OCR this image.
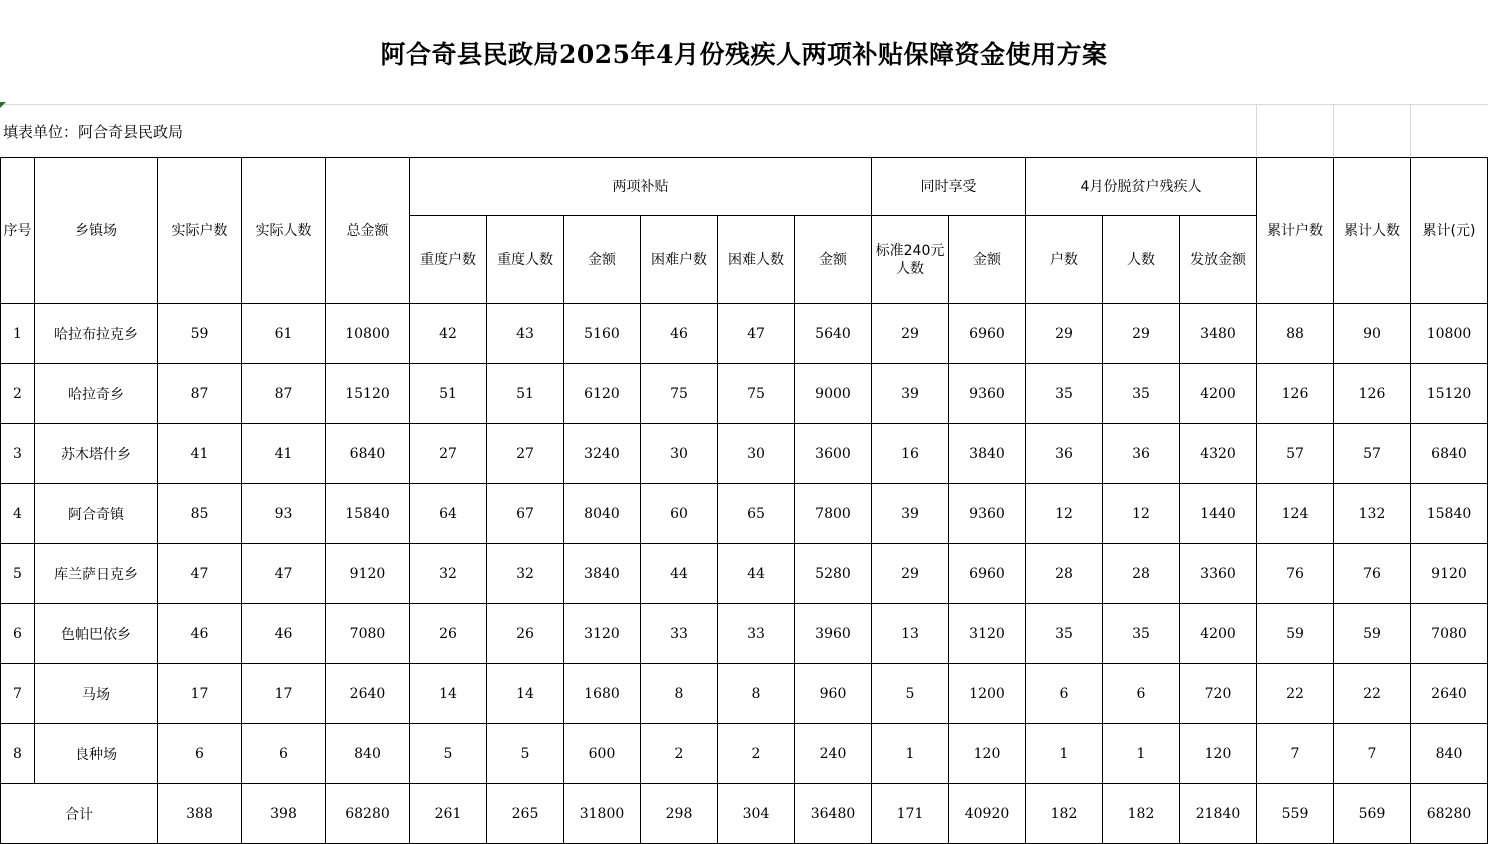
阿合奇县民政局2025年4月份残疾人两项补贴保障资金使用方案
填表单位：阿合奇县民政局
序号	乡镇场	实际户数	实际人数	总金额	两项补贴						同时享受		4月份脱贫户残疾人			累计户数	累计人数	累计(元)
					重度户数	重度人数	金额	困难户数	困难人数	金额	标准240元人数	金额	户数	人数	发放金额			
1	哈拉布拉克乡	59	61	10800	42	43	5160	46	47	5640	29	6960	29	29	3480	88	90	10800
2	哈拉奇乡	87	87	15120	51	51	6120	75	75	9000	39	9360	35	35	4200	126	126	15120
3	苏木塔什乡	41	41	6840	27	27	3240	30	30	3600	16	3840	36	36	4320	57	57	6840
4	阿合奇镇	85	93	15840	64	67	8040	60	65	7800	39	9360	12	12	1440	124	132	15840
5	库兰萨日克乡	47	47	9120	32	32	3840	44	44	5280	29	6960	28	28	3360	76	76	9120
6	色帕巴依乡	46	46	7080	26	26	3120	33	33	3960	13	3120	35	35	4200	59	59	7080
7	马场	17	17	2640	14	14	1680	8	8	960	5	1200	6	6	720	22	22	2640
8	良种场	6	6	840	5	5	600	2	2	240	1	120	1	1	120	7	7	840
合计		388	398	68280	261	265	31800	298	304	36480	171	40920	182	182	21840	559	569	68280
